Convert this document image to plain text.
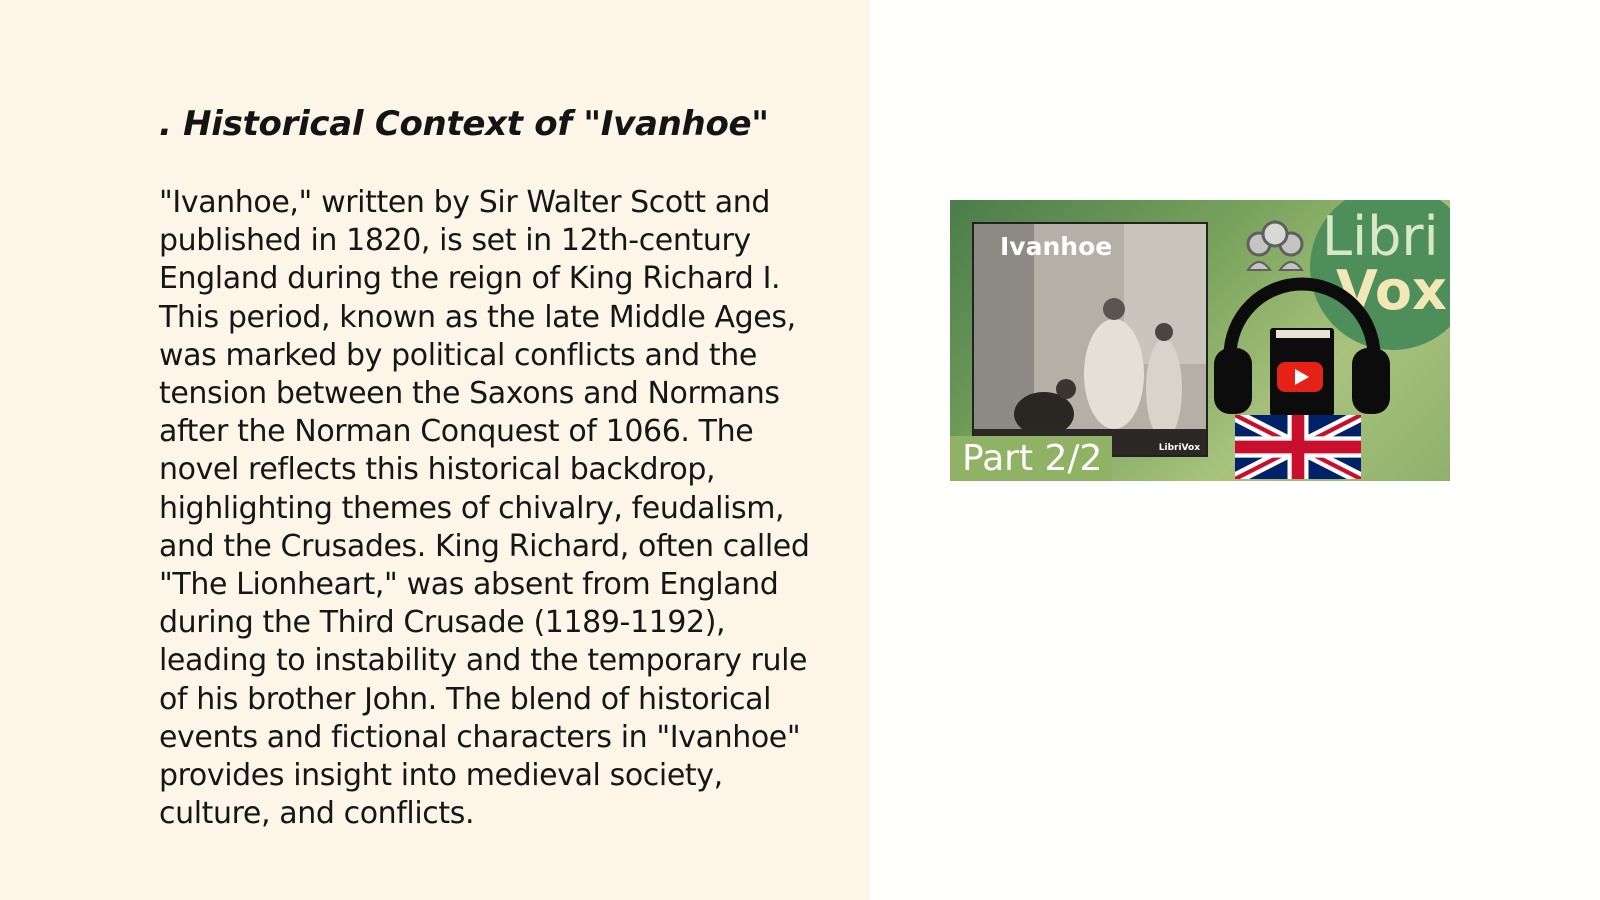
. Historical Context of "Ivanhoe"

"Ivanhoe," written by Sir Walter Scott and published in 1820, is set in 12th-century England during the reign of King Richard I. This period, known as the late Middle Ages, was marked by political conflicts and the tension between the Saxons and Normans after the Norman Conquest of 1066. The novel reflects this historical backdrop, highlighting themes of chivalry, feudalism, and the Crusades. King Richard, often called "The Lionheart," was absent from England during the Third Crusade (1189-1192), leading to instability and the temporary rule of his brother John. The blend of historical events and fictional characters in "Ivanhoe" provides insight into medieval society, culture, and conflicts.

Ivanhoe
LibriVox
Part 2/2
Libri
Vox
